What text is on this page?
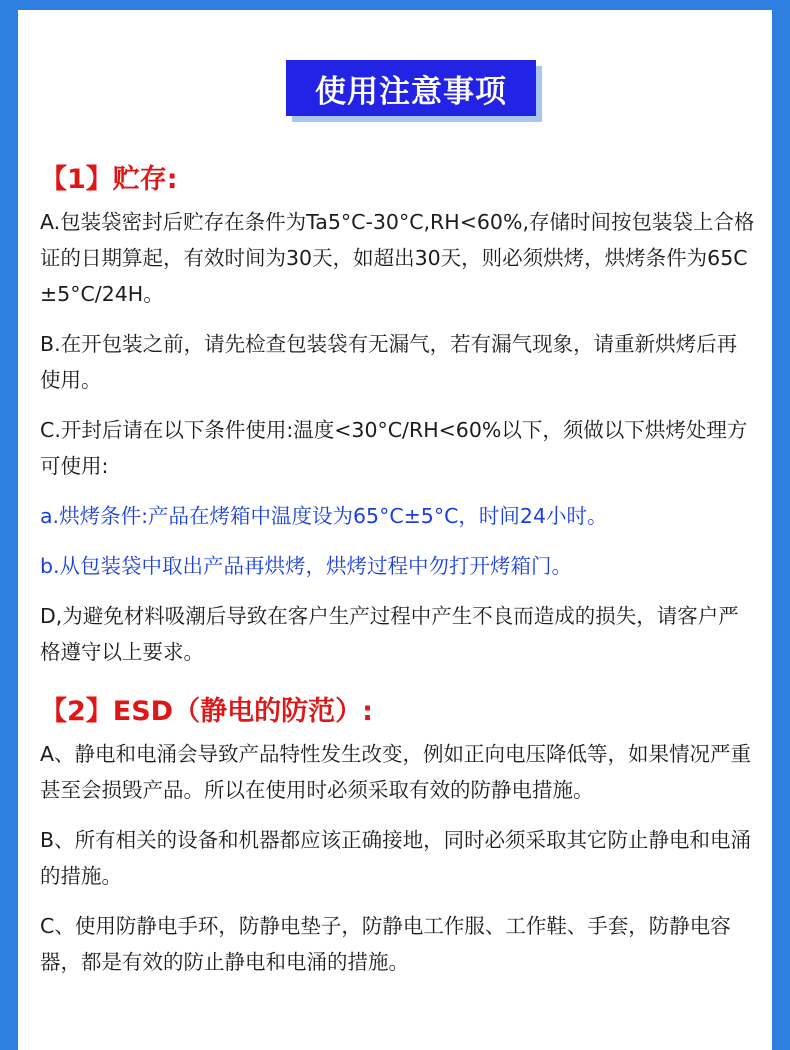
使用注意事项
【1】贮存:

A.包装袋密封后贮存在条件为Ta5°C-30°C,RH<60%,存储时间按包装袋上合格证的日期算起，有效时间为30天，如超出30天，则必须烘烤，烘烤条件为65C±5°C/24H。

B.在开包装之前，请先检查包装袋有无漏气，若有漏气现象，请重新烘烤后再使用。

C.开封后请在以下条件使用:温度<30°C/RH<60%以下，须做以下烘烤处理方可使用:

a.烘烤条件:产品在烤箱中温度设为65°C±5°C，时间24小时。

b.从包装袋中取出产品再烘烤，烘烤过程中勿打开烤箱门。

D,为避免材料吸潮后导致在客户生产过程中产生不良而造成的损失，请客户严格遵守以上要求。

【2】ESD（静电的防范）:

A、静电和电涌会导致产品特性发生改变，例如正向电压降低等，如果情况严重甚至会损毁产品。所以在使用时必须采取有效的防静电措施。

B、所有相关的设备和机器都应该正确接地，同时必须采取其它防止静电和电涌的措施。

C、使用防静电手环，防静电垫子，防静电工作服、工作鞋、手套，防静电容器，都是有效的防止静电和电涌的措施。
